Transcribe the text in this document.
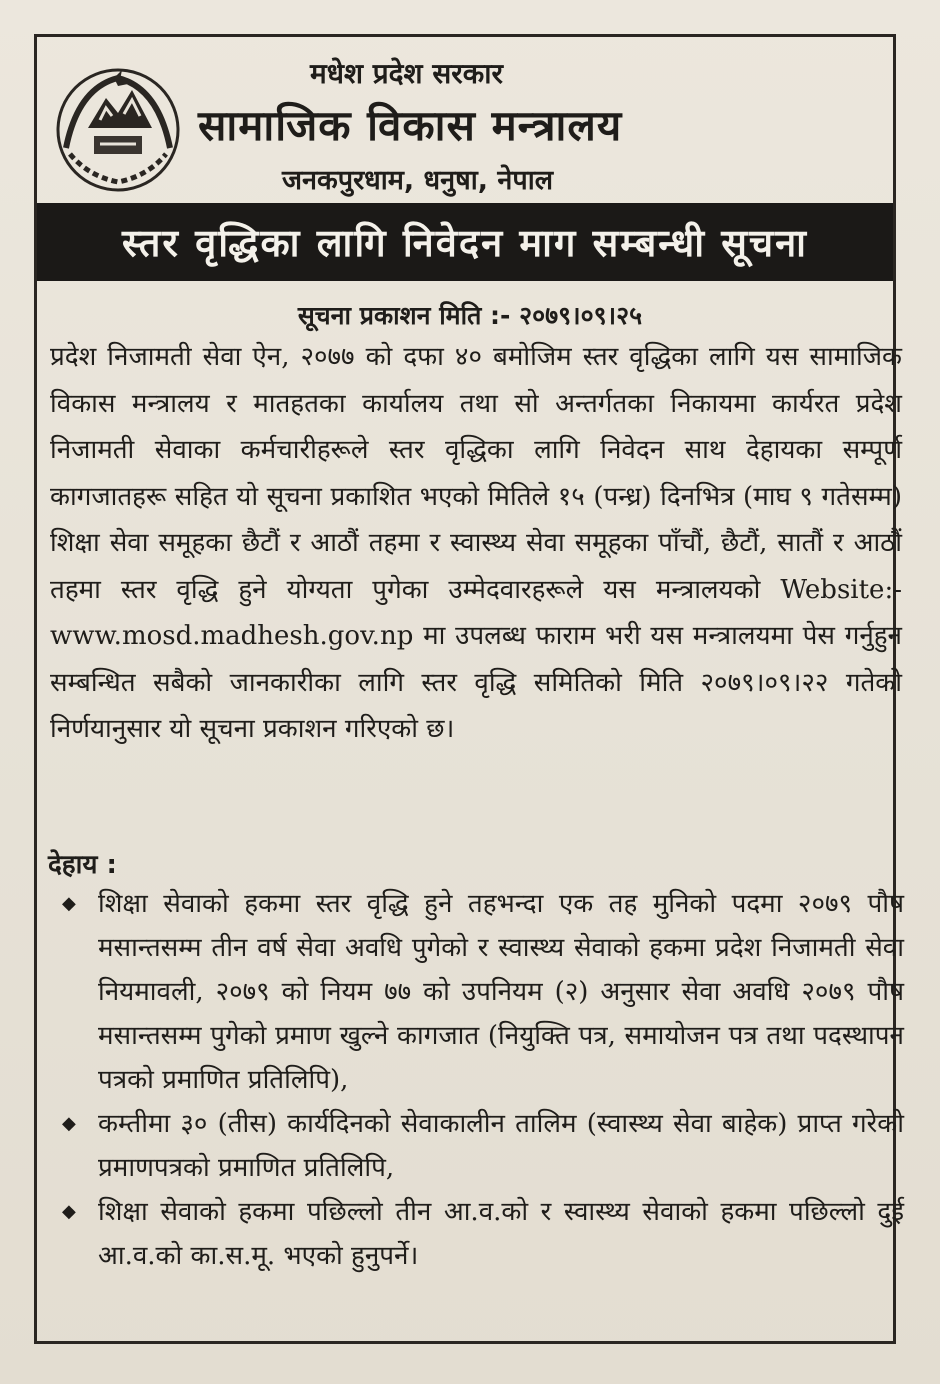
मधेश प्रदेश सरकार
सामाजिक विकास मन्त्रालय
जनकपुरधाम, धनुषा, नेपाल
स्तर वृद्धिका लागि निवेदन माग सम्बन्धी सूचना
सूचना प्रकाशन मिति :- २०७९।०९।२५
प्रदेश निजामती सेवा ऐन, २०७७ को दफा ४० बमोजिम स्तर वृद्धिका लागि यस सामाजिक विकास मन्त्रालय र मातहतका कार्यालय तथा सो अन्तर्गतका निकायमा कार्यरत प्रदेश निजामती सेवाका कर्मचारीहरूले स्तर वृद्धिका लागि निवेदन साथ देहायका सम्पूर्ण कागजातहरू सहित यो सूचना प्रकाशित भएको मितिले १५ (पन्ध्र) दिनभित्र (माघ ९ गतेसम्म) शिक्षा सेवा समूहका छैटौं र आठौं तहमा र स्वास्थ्य सेवा समूहका पाँचौं, छैटौं, सातौं र आठौं तहमा स्तर वृद्धि हुने योग्यता पुगेका उम्मेदवारहरूले यस मन्त्रालयको Website:- www.mosd.madhesh.gov.np मा उपलब्ध फाराम भरी यस मन्त्रालयमा पेस गर्नुहुन सम्बन्धित सबैको जानकारीका लागि स्तर वृद्धि समितिको मिति २०७९।०९।२२ गतेको निर्णयानुसार यो सूचना प्रकाशन गरिएको छ।
देहाय :
◆ शिक्षा सेवाको हकमा स्तर वृद्धि हुने तहभन्दा एक तह मुनिको पदमा २०७९ पौष मसान्तसम्म तीन वर्ष सेवा अवधि पुगेको र स्वास्थ्य सेवाको हकमा प्रदेश निजामती सेवा नियमावली, २०७९ को नियम ७७ को उपनियम (२) अनुसार सेवा अवधि २०७९ पौष मसान्तसम्म पुगेको प्रमाण खुल्ने कागजात (नियुक्ति पत्र, समायोजन पत्र तथा पदस्थापन पत्रको प्रमाणित प्रतिलिपि),
◆ कम्तीमा ३० (तीस) कार्यदिनको सेवाकालीन तालिम (स्वास्थ्य सेवा बाहेक) प्राप्त गरेको प्रमाणपत्रको प्रमाणित प्रतिलिपि,
◆ शिक्षा सेवाको हकमा पछिल्लो तीन आ.व.को र स्वास्थ्य सेवाको हकमा पछिल्लो दुई आ.व.को का.स.मू. भएको हुनुपर्ने।
